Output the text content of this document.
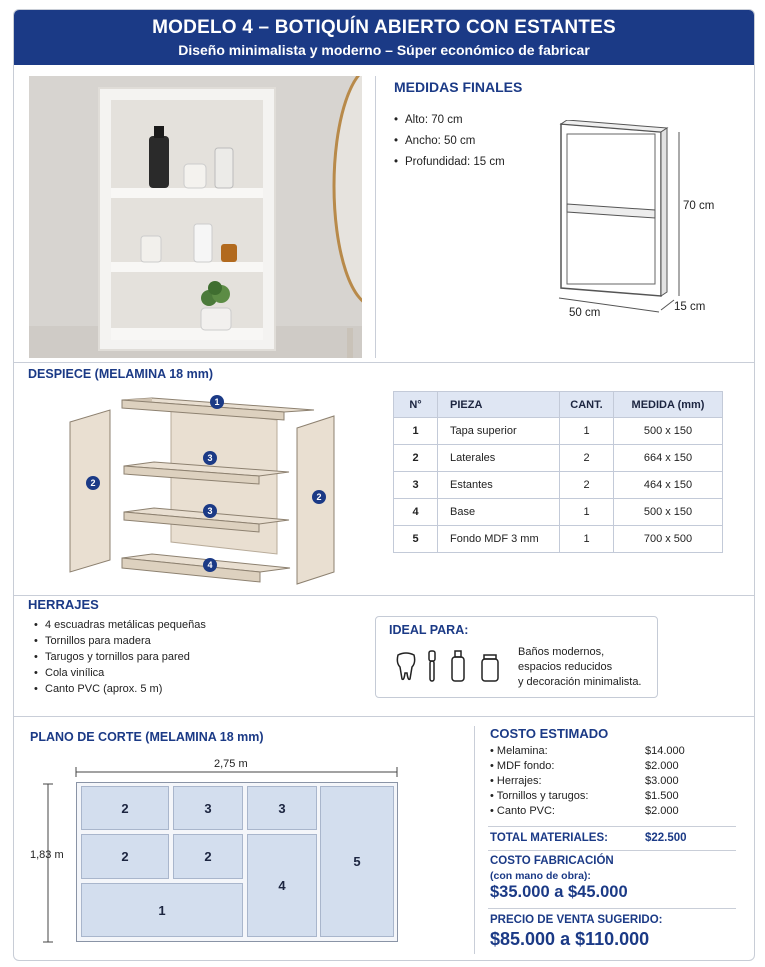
MODELO 4 – BOTIQUÍN ABIERTO CON ESTANTES
Diseño minimalista y moderno – Súper económico de fabricar
MEDIDAS FINALES
• Alto: 70 cm
• Ancho: 50 cm
• Profundidad: 15 cm
70 cm
50 cm	15 cm
DESPIECE (MELAMINA 18 mm)
1
2
3
3
4
2
N°	PIEZA	CANT.	MEDIDA (mm)
1	Tapa superior	1	500 x 150
2	Laterales	2	664 x 150
3	Estantes	2	464 x 150
4	Base	1	500 x 150
5	Fondo MDF 3 mm	1	700 x 500
HERRAJES
• 4 escuadras metálicas pequeñas
• Tornillos para madera
• Tarugos y tornillos para pared
• Cola vinílica
• Canto PVC (aprox. 5 m)
IDEAL PARA:
Baños modernos,
espacios reducidos
y decoración minimalista.
PLANO DE CORTE (MELAMINA 18 mm)
2,75 m
1,83 m
2	3	3
5
2	2
4
1
COSTO ESTIMADO
• Melamina:	$14.000
• MDF fondo:	$2.000
• Herrajes:	$3.000
• Tornillos y tarugos:	$1.500
• Canto PVC:	$2.000
TOTAL MATERIALES:	$22.500
COSTO FABRICACIÓN
(con mano de obra):
$35.000 a $45.000
PRECIO DE VENTA SUGERIDO:
$85.000 a $110.000
